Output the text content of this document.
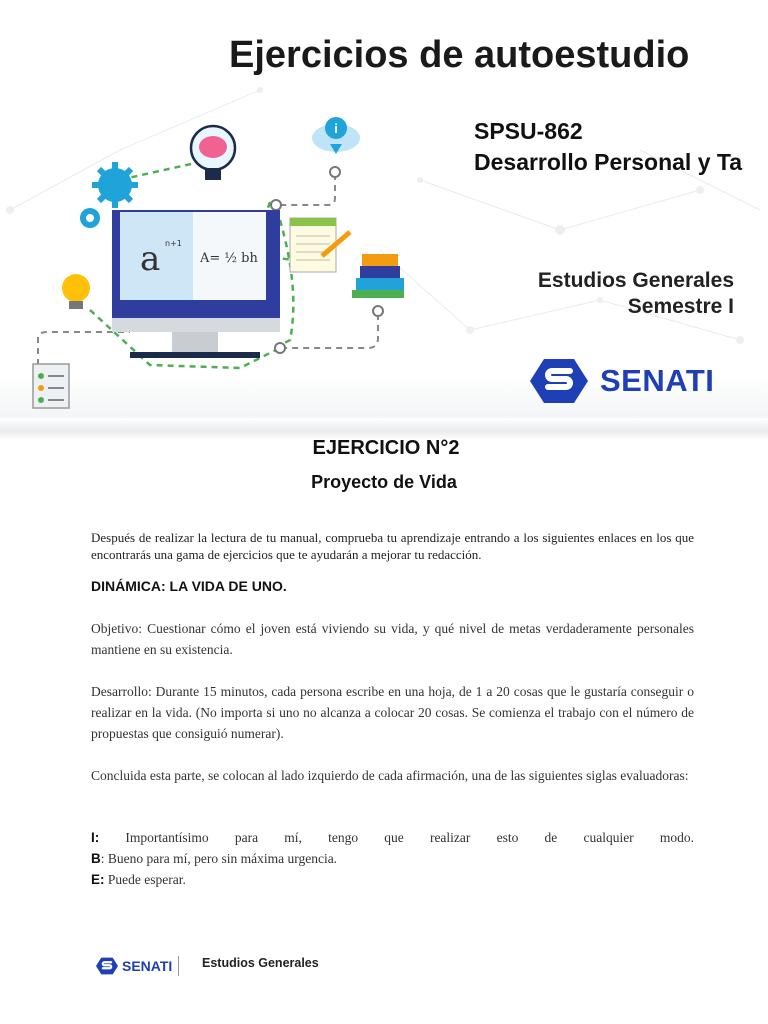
Ejercicios de autoestudio
SPSU-862
Desarrollo Personal y Ta
Estudios Generales
Semestre I
SENATI
i
a n+1
A= ½ bh
EJERCICIO N°2
Proyecto de Vida

Después de realizar la lectura de tu manual, comprueba tu aprendizaje entrando a los siguientes enlaces en los que encontrarás una gama de ejercicios que te ayudarán a mejorar tu redacción.

DINÁMICA: LA VIDA DE UNO.

Objetivo: Cuestionar cómo el joven está viviendo su vida, y qué nivel de metas verdaderamente personales mantiene en su existencia.

Desarrollo: Durante 15 minutos, cada persona escribe en una hoja, de 1 a 20 cosas que le gustaría conseguir o realizar en la vida. (No importa si uno no alcanza a colocar 20 cosas. Se comienza el trabajo con el número de propuestas que consiguió numerar).

Concluida esta parte, se colocan al lado izquierdo de cada afirmación, una de las siguientes siglas evaluadoras:

I: Importantísimo para mí, tengo que realizar esto de cualquier modo.
B: Bueno para mí, pero sin máxima urgencia.
E: Puede esperar.
SENATI Estudios Generales
